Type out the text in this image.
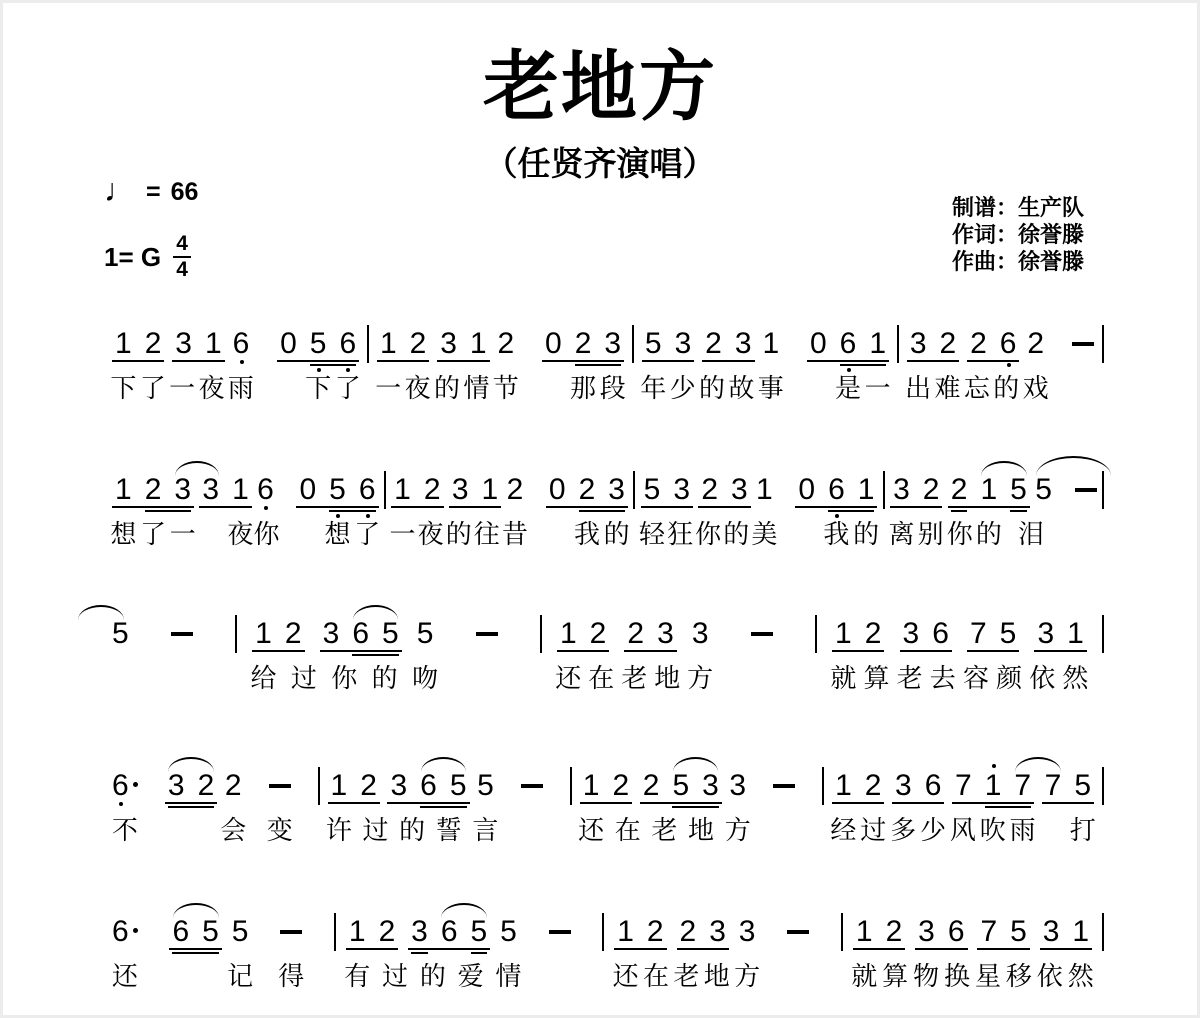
老地方
（任贤齐演唱）
♩ = 66
1= G $\frac{4}{4}$
制谱：生产队
作词：徐誉滕
作曲：徐誉滕
1 2 3 1 6 0 5 6 1 2 3 1 2 0 2 3 5 3 2 3 1 0 6 1 3 2 2 6 2
下 了 一 夜 雨 下 了 一 夜 的 情 节 那 段 年 少 的 故 事 是 一 出 难 忘 的 戏
1 2 3 3 1 6 0 5 6 1 2 3 1 2 0 2 3 5 3 2 3 1 0 6 1 3 2 2 1 5 5
想 了 一 夜 你 想 了 一 夜 的 往 昔 我 的 轻 狂 你 的 美 我 的 离 别 你 的 泪
5	1 2 3 6 5 5	1 2 2 3 3	1 2 3 6 7 5 3 1
给 过 你 的 吻	还 在 老 地 方	就 算 老 去 容 颜 依 然
6	3 2 2	1 2 3 6 5 5	1 2 2 5 3 3	1 2 3 6 7 1 7 7 5
不	会 变 许 过 的 誓 言	还 在 老 地 方	经 过 多 少 风 吹 雨 打
6	6 5 5	1 2 3 6 5 5	1 2 2 3 3	1 2 3 6 7 5 3 1
还	记 得 有 过 的 爱 情	还 在 老 地 方	就 算 物 换 星 移 依 然
